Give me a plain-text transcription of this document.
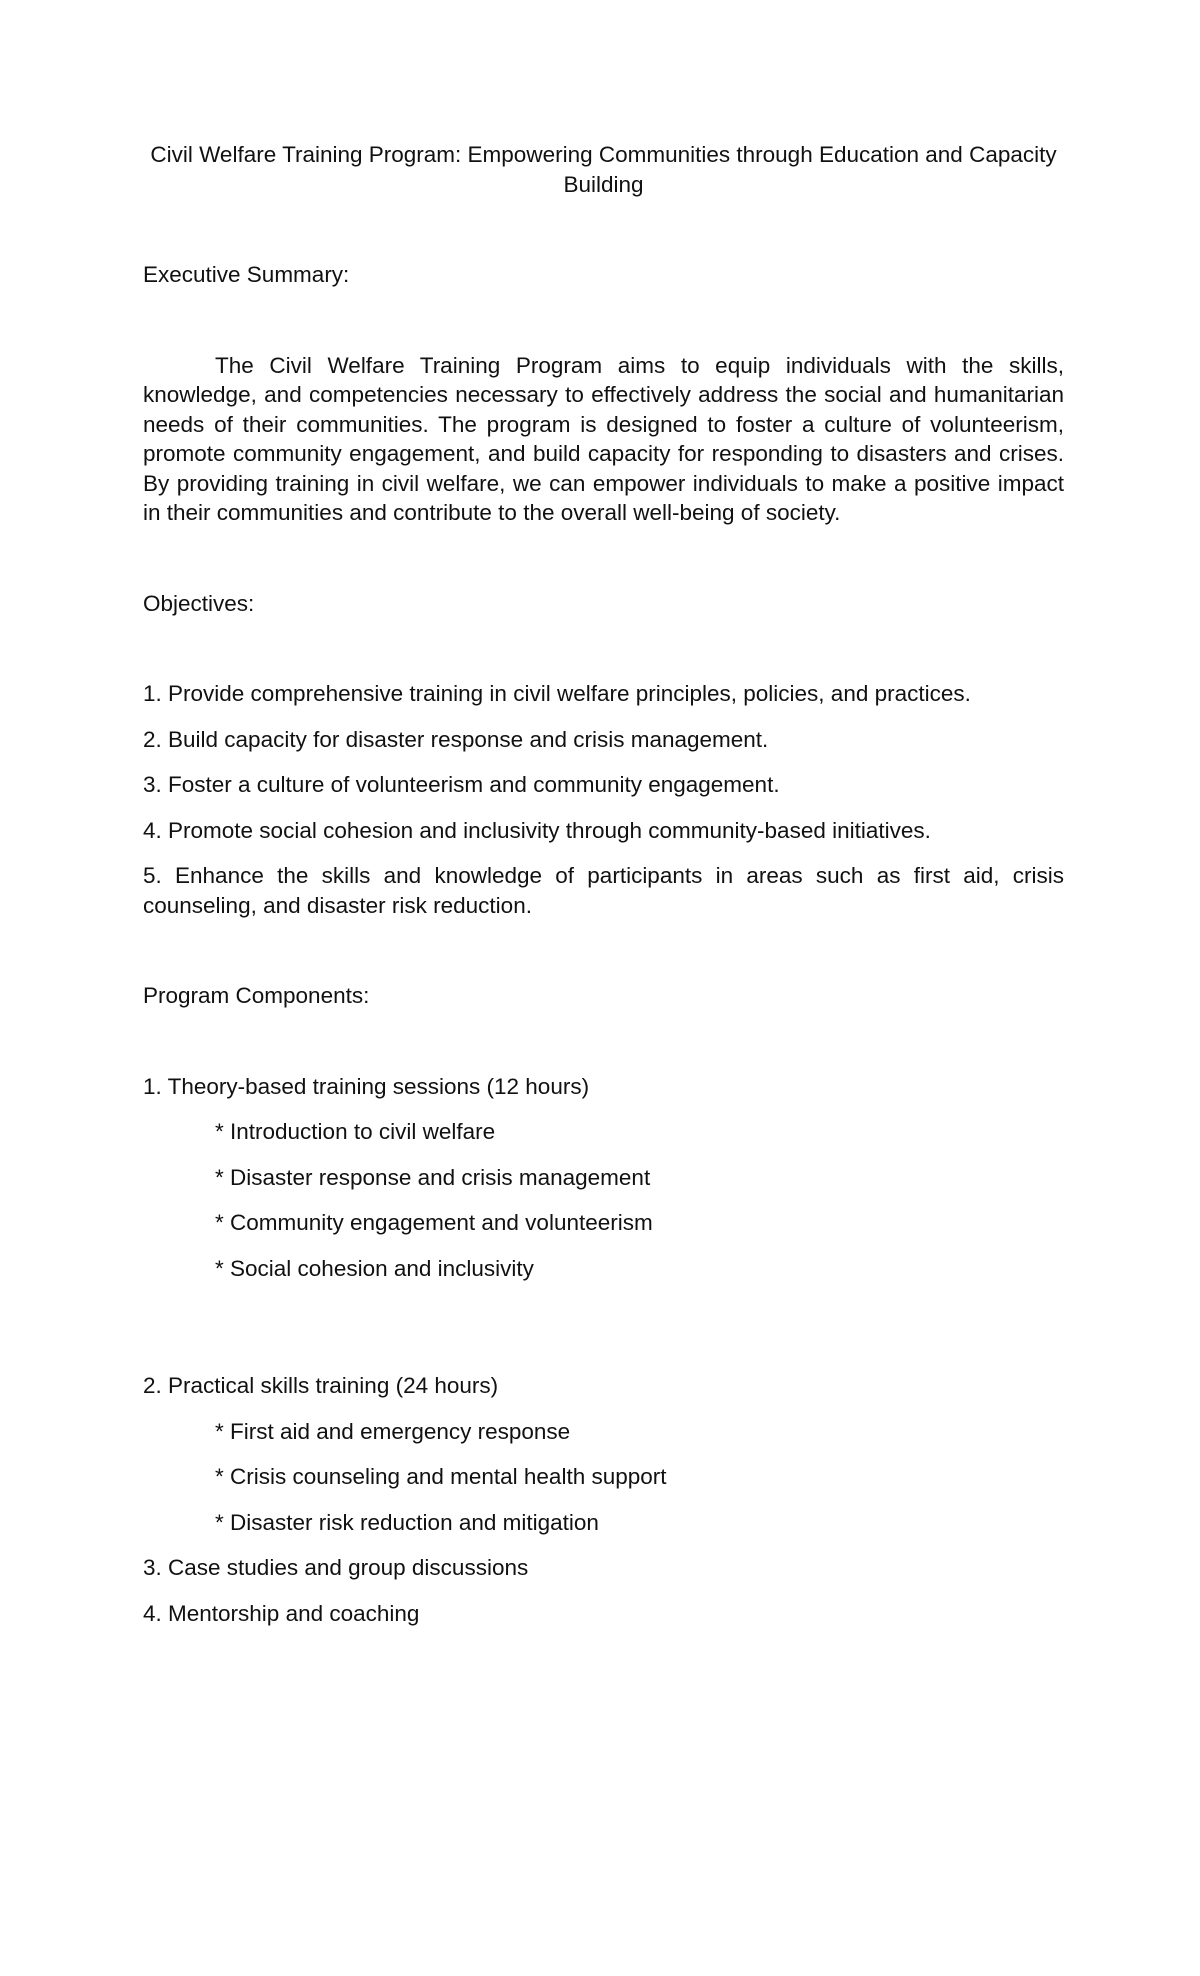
Civil Welfare Training Program: Empowering Communities through Education and Capacity Building
Executive Summary:

The Civil Welfare Training Program aims to equip individuals with the skills, knowledge, and competencies necessary to effectively address the social and humanitarian needs of their communities. The program is designed to foster a culture of volunteerism, promote community engagement, and build capacity for responding to disasters and crises. By providing training in civil welfare, we can empower individuals to make a positive impact in their communities and contribute to the overall well-being of society.

Objectives:
1. Provide comprehensive training in civil welfare principles, policies, and practices.
2. Build capacity for disaster response and crisis management.
3. Foster a culture of volunteerism and community engagement.
4. Promote social cohesion and inclusivity through community-based initiatives.
5. Enhance the skills and knowledge of participants in areas such as first aid, crisis counseling, and disaster risk reduction.
Program Components:
1. Theory-based training sessions (12 hours)
* Introduction to civil welfare
* Disaster response and crisis management
* Community engagement and volunteerism
* Social cohesion and inclusivity
2. Practical skills training (24 hours)
* First aid and emergency response
* Crisis counseling and mental health support
* Disaster risk reduction and mitigation
3. Case studies and group discussions
4. Mentorship and coaching
